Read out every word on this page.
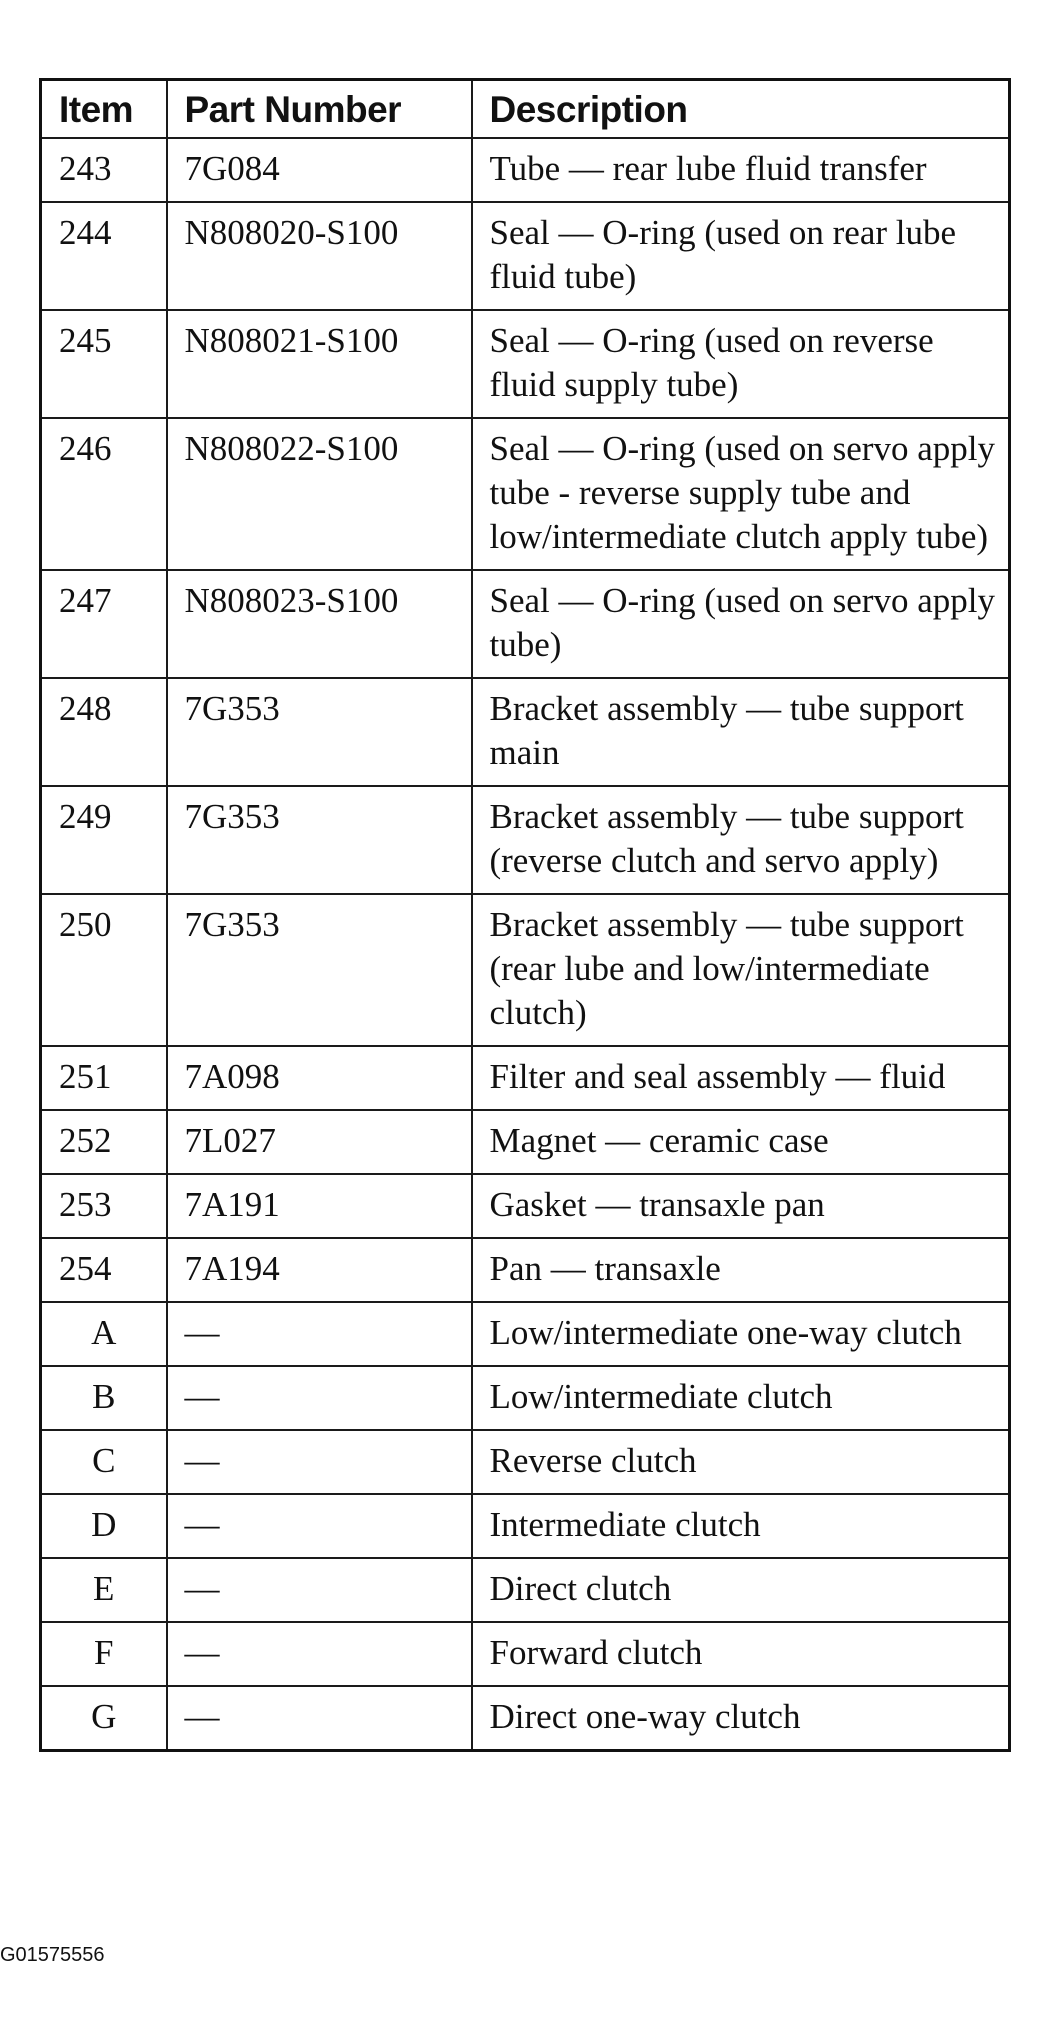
Item	Part Number	Description
243	7G084	Tube — rear lube fluid transfer
244	N808020-S100	Seal — O-ring (used on rear lube fluid tube)
245	N808021-S100	Seal — O-ring (used on reverse fluid supply tube)
246	N808022-S100	Seal — O-ring (used on servo apply tube - reverse supply tube and low/intermediate clutch apply tube)
247	N808023-S100	Seal — O-ring (used on servo apply tube)
248	7G353	Bracket assembly — tube support main
249	7G353	Bracket assembly — tube support (reverse clutch and servo apply)
250	7G353	Bracket assembly — tube support (rear lube and low/intermediate clutch)
251	7A098	Filter and seal assembly — fluid
252	7L027	Magnet — ceramic case
253	7A191	Gasket — transaxle pan
254	7A194	Pan — transaxle
A	—	Low/intermediate one-way clutch
B	—	Low/intermediate clutch
C	—	Reverse clutch
D	—	Intermediate clutch
E	—	Direct clutch
F	—	Forward clutch
G	—	Direct one-way clutch
G01575556
